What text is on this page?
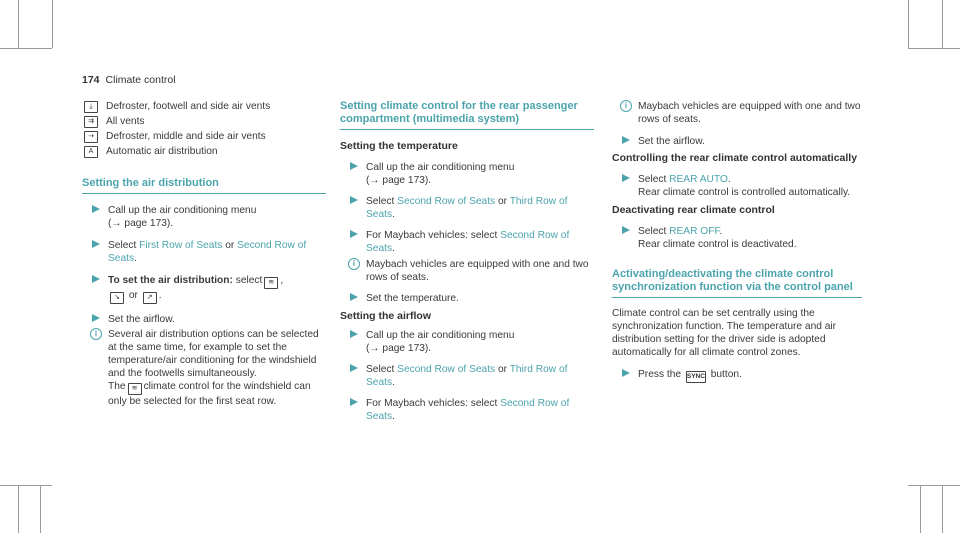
174 Climate control
⤓	Defroster, footwell and side air vents
⇉	All vents
⇢	Defroster, middle and side air vents
A	Automatic air distribution
Setting the air distribution

Call up the air conditioning menu

(→ page 173).

Select First Row of Seats or Second Row of Seats.

To set the air distribution: select ≋ ,

↘ or ↗ .

Set the airflow.

i	Several air distribution options can be selected at the same time, for example to set the temperature/air conditioning for the windshield and the footwells simultaneously.

The ≋ climate control for the windshield can only be selected for the first seat row.

Setting climate control for the rear passenger compartment (multimedia system)
Setting the temperature

Call up the air conditioning menu

(→ page 173).

Select Second Row of Seats or Third Row of Seats.

For Maybach vehicles: select Second Row of Seats.

i	Maybach vehicles are equipped with one and two rows of seats.

Set the temperature.

Setting the airflow

Call up the air conditioning menu

(→ page 173).

Select Second Row of Seats or Third Row of Seats.

For Maybach vehicles: select Second Row of Seats.

i	Maybach vehicles are equipped with one and two rows of seats.

Set the airflow.

Controlling the rear climate control automatically

Select REAR AUTO.

Rear climate control is controlled automatically.

Deactivating rear climate control

Select REAR OFF.

Rear climate control is deactivated.

Activating/deactivating the climate control synchronization function via the control panel
Climate control can be set centrally using the synchronization function. The temperature and air distribution setting for the driver side is adopted automatically for all climate control zones.

Press the SYNC button.
